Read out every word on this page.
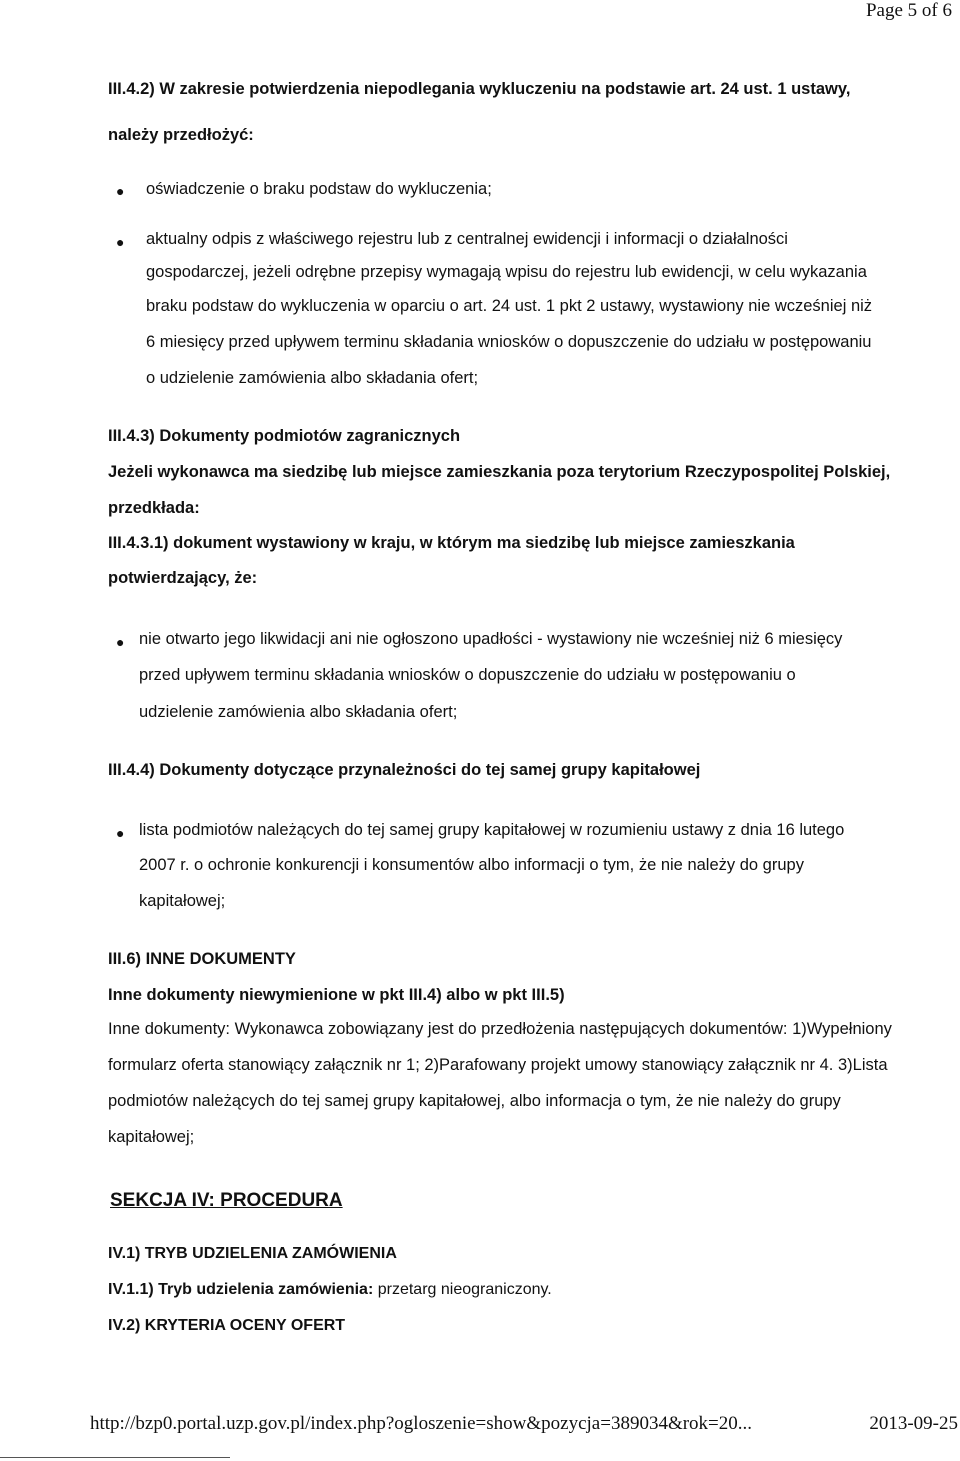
Page 5 of 6
III.4.2) W zakresie potwierdzenia niepodlegania wykluczeniu na podstawie art. 24 ust. 1 ustawy,
należy przedłożyć:
● oświadczenie o braku podstaw do wykluczenia;
● aktualny odpis z właściwego rejestru lub z centralnej ewidencji i informacji o działalności
gospodarczej, jeżeli odrębne przepisy wymagają wpisu do rejestru lub ewidencji, w celu wykazania
braku podstaw do wykluczenia w oparciu o art. 24 ust. 1 pkt 2 ustawy, wystawiony nie wcześniej niż
6 miesięcy przed upływem terminu składania wniosków o dopuszczenie do udziału w postępowaniu
o udzielenie zamówienia albo składania ofert;
III.4.3) Dokumenty podmiotów zagranicznych
Jeżeli wykonawca ma siedzibę lub miejsce zamieszkania poza terytorium Rzeczypospolitej Polskiej,
przedkłada:
III.4.3.1) dokument wystawiony w kraju, w którym ma siedzibę lub miejsce zamieszkania
potwierdzający, że:
● nie otwarto jego likwidacji ani nie ogłoszono upadłości - wystawiony nie wcześniej niż 6 miesięcy
przed upływem terminu składania wniosków o dopuszczenie do udziału w postępowaniu o
udzielenie zamówienia albo składania ofert;
III.4.4) Dokumenty dotyczące przynależności do tej samej grupy kapitałowej
● lista podmiotów należących do tej samej grupy kapitałowej w rozumieniu ustawy z dnia 16 lutego
2007 r. o ochronie konkurencji i konsumentów albo informacji o tym, że nie należy do grupy
kapitałowej;
III.6) INNE DOKUMENTY
Inne dokumenty niewymienione w pkt III.4) albo w pkt III.5)
Inne dokumenty: Wykonawca zobowiązany jest do przedłożenia następujących dokumentów: 1)Wypełniony
formularz oferta stanowiący załącznik nr 1; 2)Parafowany projekt umowy stanowiący załącznik nr 4. 3)Lista
podmiotów należących do tej samej grupy kapitałowej, albo informacja o tym, że nie należy do grupy
kapitałowej;
SEKCJA IV: PROCEDURA
IV.1) TRYB UDZIELENIA ZAMÓWIENIA
IV.1.1) Tryb udzielenia zamówienia: przetarg nieograniczony.
IV.2) KRYTERIA OCENY OFERT
http://bzp0.portal.uzp.gov.pl/index.php?ogloszenie=show&pozycja=389034&rok=20...	2013-09-25
